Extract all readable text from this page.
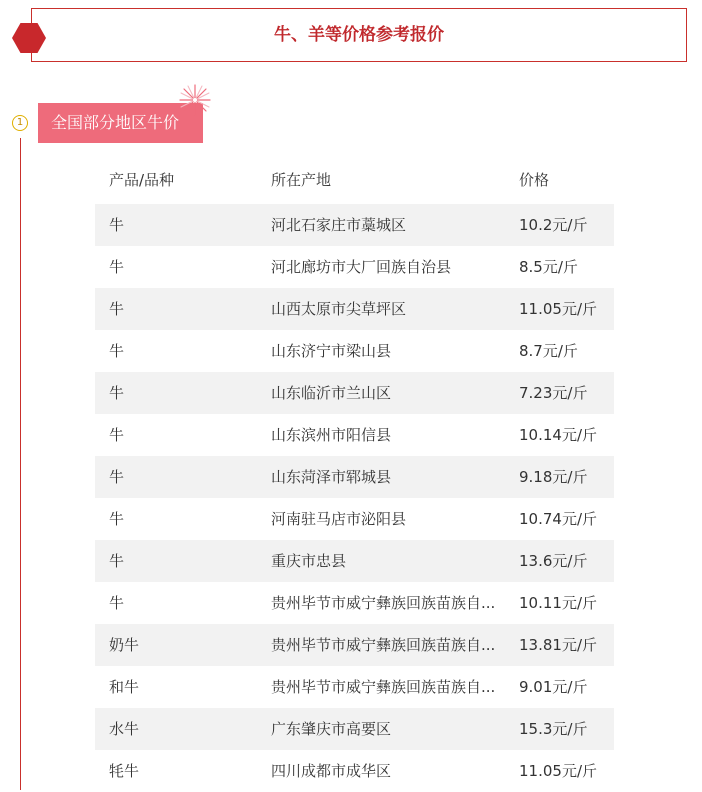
牛、羊等价格参考报价
1	全国部分地区牛价
产品/品种	所在产地	价格
牛	河北石家庄市藁城区	10.2元/斤
牛	河北廊坊市大厂回族自治县	8.5元/斤
牛	山西太原市尖草坪区	11.05元/斤
牛	山东济宁市梁山县	8.7元/斤
牛	山东临沂市兰山区	7.23元/斤
牛	山东滨州市阳信县	10.14元/斤
牛	山东菏泽市郓城县	9.18元/斤
牛	河南驻马店市泌阳县	10.74元/斤
牛	重庆市忠县	13.6元/斤
牛	贵州毕节市威宁彝族回族苗族自...	10.11元/斤
奶牛	贵州毕节市威宁彝族回族苗族自...	13.81元/斤
和牛	贵州毕节市威宁彝族回族苗族自...	9.01元/斤
水牛	广东肇庆市高要区	15.3元/斤
牦牛	四川成都市成华区	11.05元/斤
